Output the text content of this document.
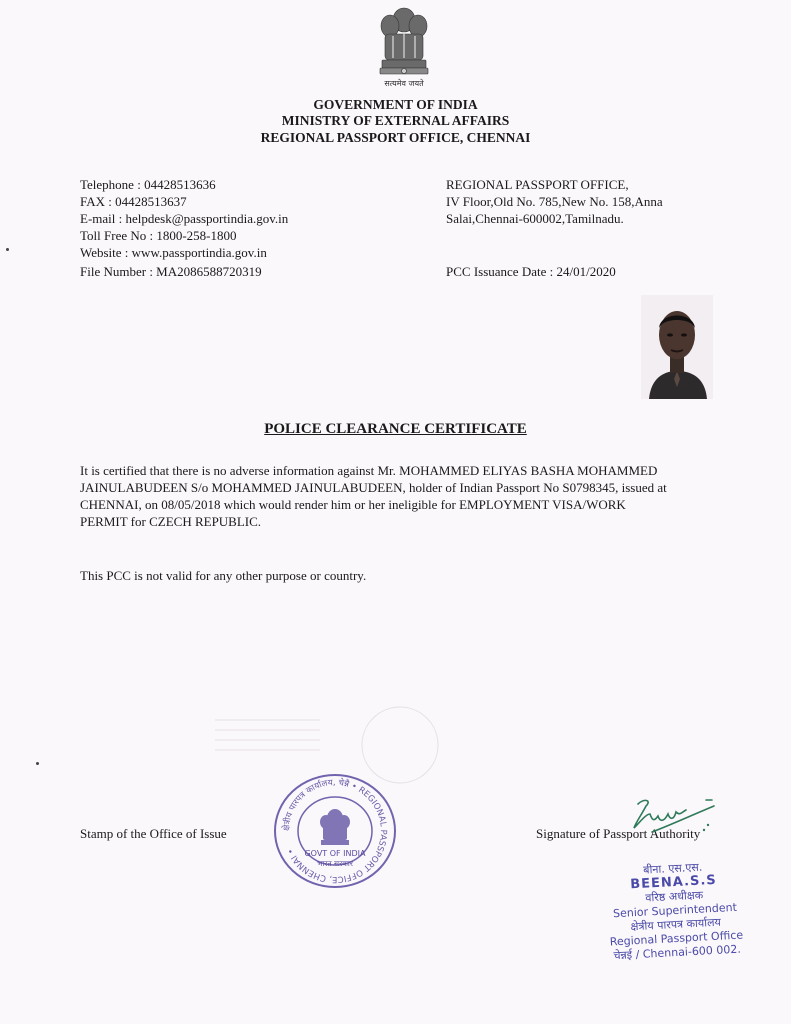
सत्यमेव जयते
GOVERNMENT OF INDIA
MINISTRY OF EXTERNAL AFFAIRS
REGIONAL PASSPORT OFFICE, CHENNAI
Telephone : 04428513636
FAX : 04428513637
E-mail : helpdesk@passportindia.gov.in
Toll Free No : 1800-258-1800
Website : www.passportindia.gov.in
REGIONAL PASSPORT OFFICE,
IV Floor,Old No. 785,New No. 158,Anna
Salai,Chennai-600002,Tamilnadu.
File Number : MA2086588720319	PCC Issuance Date : 24/01/2020
POLICE CLEARANCE CERTIFICATE
It is certified that there is no adverse information against Mr. MOHAMMED ELIYAS BASHA MOHAMMED
JAINULABUDEEN S/o MOHAMMED JAINULABUDEEN, holder of Indian Passport No S0798345, issued at
CHENNAI, on 08/05/2018 which would render him or her ineligible for EMPLOYMENT VISA/WORK
PERMIT for CZECH REPUBLIC.
This PCC is not valid for any other purpose or country.
Stamp of the Office of Issue	Signature of Passport Authority
क्षेत्रीय पारपत्र कार्यालय, चेन्नै • REGIONAL PASSPORT OFFICE, CHENNAI • GOVT OF INDIA
भारत सरकार	बीना. एस.एस.
BEENA.S.S
वरिष्ठ अधीक्षक
Senior Superintendent
क्षेत्रीय पारपत्र कार्यालय
Regional Passport Office
चेन्नई / Chennai-600 002.
